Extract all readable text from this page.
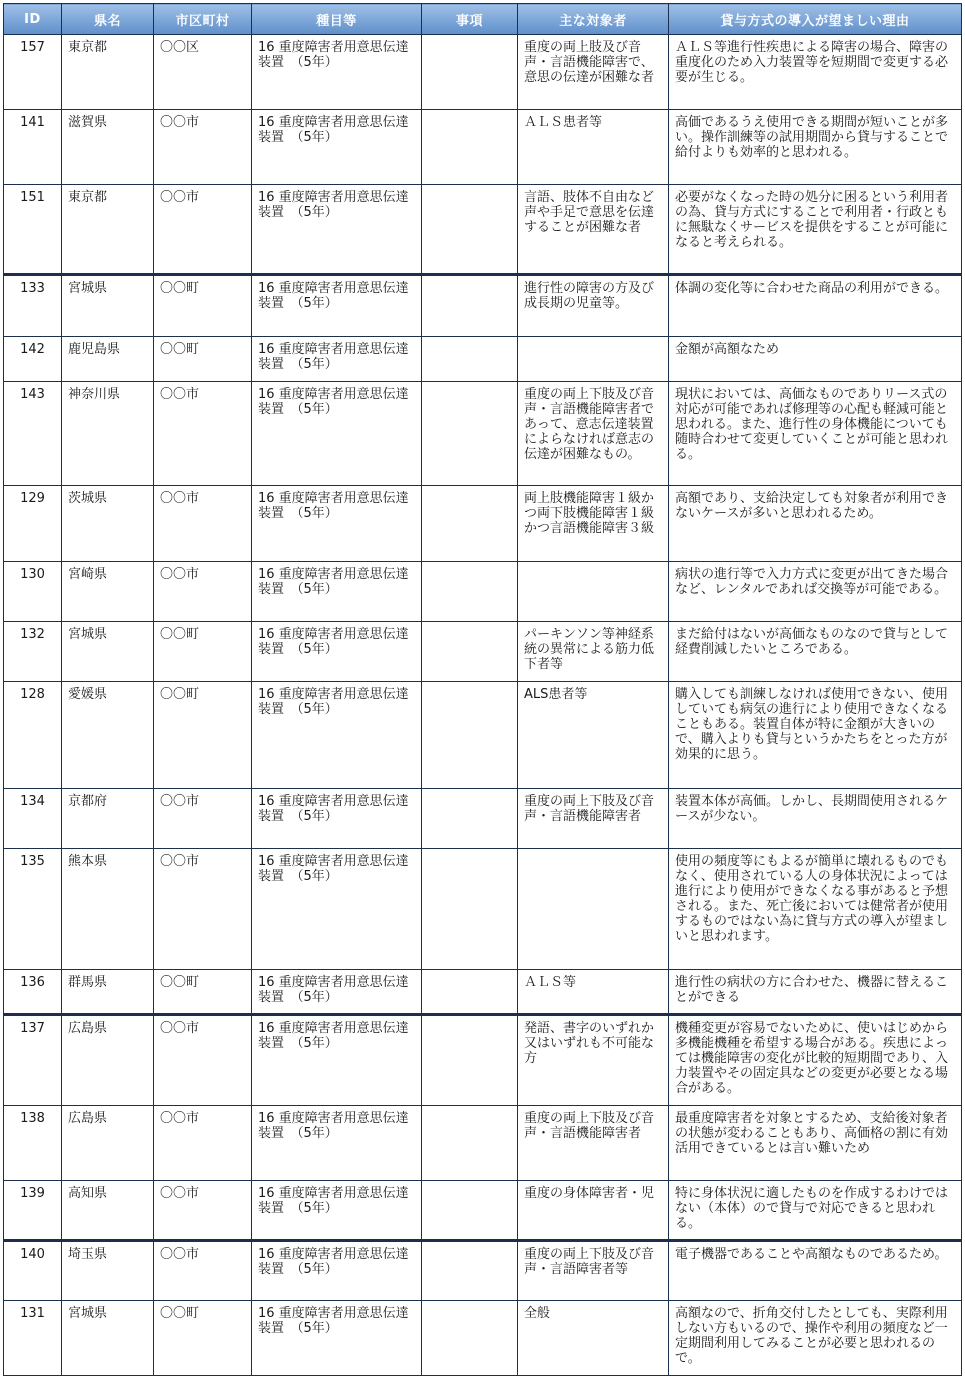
ID	県名	市区町村	種目等	事項	主な対象者	貸与方式の導入が望ましい理由
157	東京都	〇〇区	16 重度障害者用意思伝達装置　（5年）		重度の両上肢及び音声・言語機能障害で、意思の伝達が困難な者	ＡＬＳ等進行性疾患による障害の場合、障害の重度化のため入力装置等を短期間で変更する必要が生じる。
141	滋賀県	〇〇市	16 重度障害者用意思伝達装置　（5年）		ＡＬＳ患者等	高価であるうえ使用できる期間が短いことが多い。操作訓練等の試用期間から貸与することで給付よりも効率的と思われる。
151	東京都	〇〇市	16 重度障害者用意思伝達装置　（5年）		言語、肢体不自由など声や手足で意思を伝達することが困難な者	必要がなくなった時の処分に困るという利用者の為、貸与方式にすることで利用者・行政ともに無駄なくサービスを提供をすることが可能になると考えられる。
133	宮城県	〇〇町	16 重度障害者用意思伝達装置　（5年）		進行性の障害の方及び成長期の児童等。	体調の変化等に合わせた商品の利用ができる。
142	鹿児島県	〇〇町	16 重度障害者用意思伝達装置　（5年）			金額が高額なため
143	神奈川県	〇〇市	16 重度障害者用意思伝達装置　（5年）		重度の両上下肢及び音声・言語機能障害者であって、意志伝達装置によらなければ意志の伝達が困難なもの。	現状においては、高価なものでありリース式の対応が可能であれば修理等の心配も軽減可能と思われる。また、進行性の身体機能についても随時合わせて変更していくことが可能と思われる。
129	茨城県	〇〇市	16 重度障害者用意思伝達装置　（5年）		両上肢機能障害１級かつ両下肢機能障害１級かつ言語機能障害３級	高額であり、支給決定しても対象者が利用できないケースが多いと思われるため。
130	宮崎県	〇〇市	16 重度障害者用意思伝達装置　（5年）			病状の進行等で入力方式に変更が出てきた場合など、レンタルであれば交換等が可能である。
132	宮城県	〇〇町	16 重度障害者用意思伝達装置　（5年）		パーキンソン等神経系統の異常による筋力低下者等	まだ給付はないが高価なものなので貸与として経費削減したいところである。
128	愛媛県	〇〇町	16 重度障害者用意思伝達装置　（5年）		ALS患者等	購入しても訓練しなければ使用できない、使用していても病気の進行により使用できなくなることもある。装置自体が特に金額が大きいので、購入よりも貸与というかたちをとった方が効果的に思う。
134	京都府	〇〇市	16 重度障害者用意思伝達装置　（5年）		重度の両上下肢及び音声・言語機能障害者	装置本体が高価。しかし、長期間使用されるケースが少ない。
135	熊本県	〇〇市	16 重度障害者用意思伝達装置　（5年）			使用の頻度等にもよるが簡単に壊れるものでもなく、使用されている人の身体状況によっては進行により使用ができなくなる事があると予想される。また、死亡後においては健常者が使用するものではない為に貸与方式の導入が望ましいと思われます。
136	群馬県	〇〇町	16 重度障害者用意思伝達装置　（5年）		ＡＬＳ等	進行性の病状の方に合わせた、機器に替えることができる
137	広島県	〇〇市	16 重度障害者用意思伝達装置　（5年）		発語、書字のいずれか又はいずれも不可能な方	機種変更が容易でないために、使いはじめから多機能機種を希望する場合がある。疾患によっては機能障害の変化が比較的短期間であり、入力装置やその固定具などの変更が必要となる場合がある。
138	広島県	〇〇市	16 重度障害者用意思伝達装置　（5年）		重度の両上下肢及び音声・言語機能障害者	最重度障害者を対象とするため、支給後対象者の状態が変わることもあり、高価格の割に有効活用できているとは言い難いため
139	高知県	〇〇市	16 重度障害者用意思伝達装置　（5年）		重度の身体障害者・児	特に身体状況に適したものを作成するわけではない（本体）ので貸与で対応できると思われる。
140	埼玉県	〇〇市	16 重度障害者用意思伝達装置　（5年）		重度の両上下肢及び音声・言語障害者等	電子機器であることや高額なものであるため。
131	宮城県	〇〇町	16 重度障害者用意思伝達装置　（5年）		全般	高額なので、折角交付したとしても、実際利用しない方もいるので、操作や利用の頻度など一定期間利用してみることが必要と思われるので。
